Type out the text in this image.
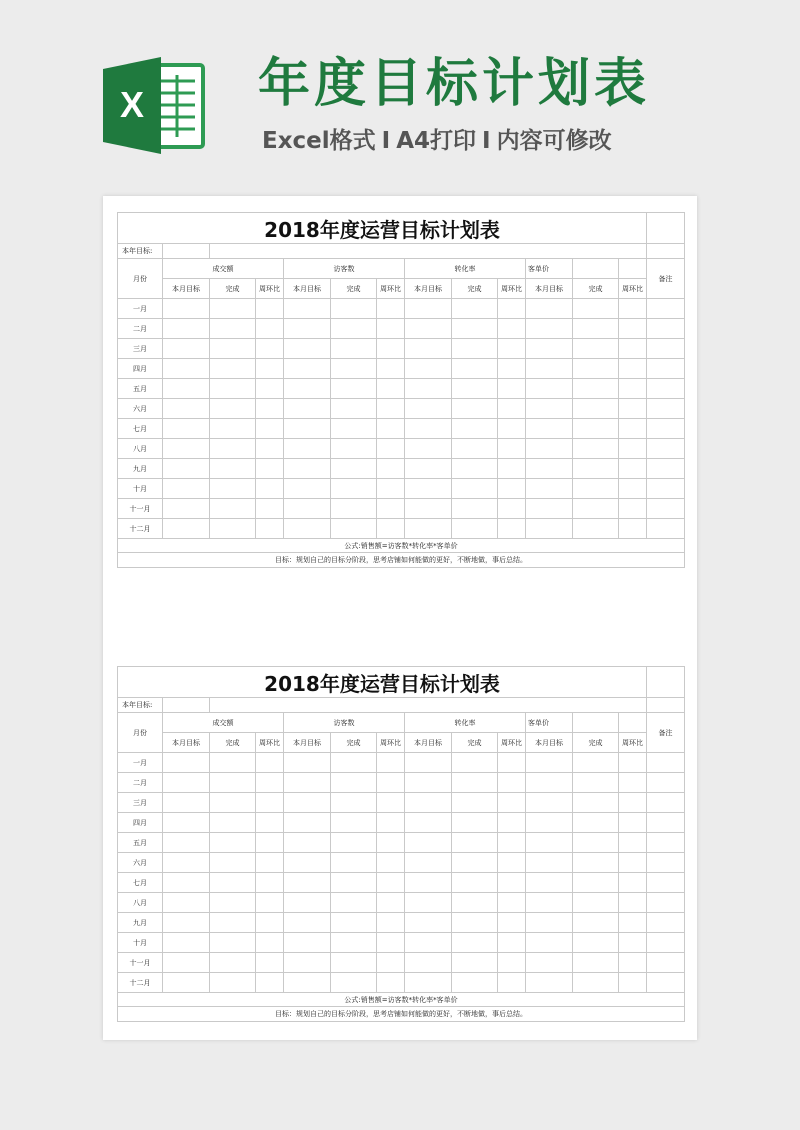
X 年度目标计划表
Excel格式 I A4打印 I 内容可修改
2018年度运营目标计划表													
本年目标:													
月份	成交额			访客数			转化率			客单价			备注
	本月目标	完成	周环比	本月目标	完成	周环比	本月目标	完成	周环比	本月目标	完成	周环比	
一月													
二月													
三月													
四月													
五月													
六月													
七月													
八月													
九月													
十月													
十一月													
十二月													
公式:销售额=访客数*转化率*客单价													
目标：规划自己的目标分阶段，思考店铺如何能做的更好，不断地做，事后总结。													
2018年度运营目标计划表													
本年目标:													
月份	成交额			访客数			转化率			客单价			备注
	本月目标	完成	周环比	本月目标	完成	周环比	本月目标	完成	周环比	本月目标	完成	周环比	
一月													
二月													
三月													
四月													
五月													
六月													
七月													
八月													
九月													
十月													
十一月													
十二月													
公式:销售额=访客数*转化率*客单价													
目标：规划自己的目标分阶段，思考店铺如何能做的更好，不断地做，事后总结。													
